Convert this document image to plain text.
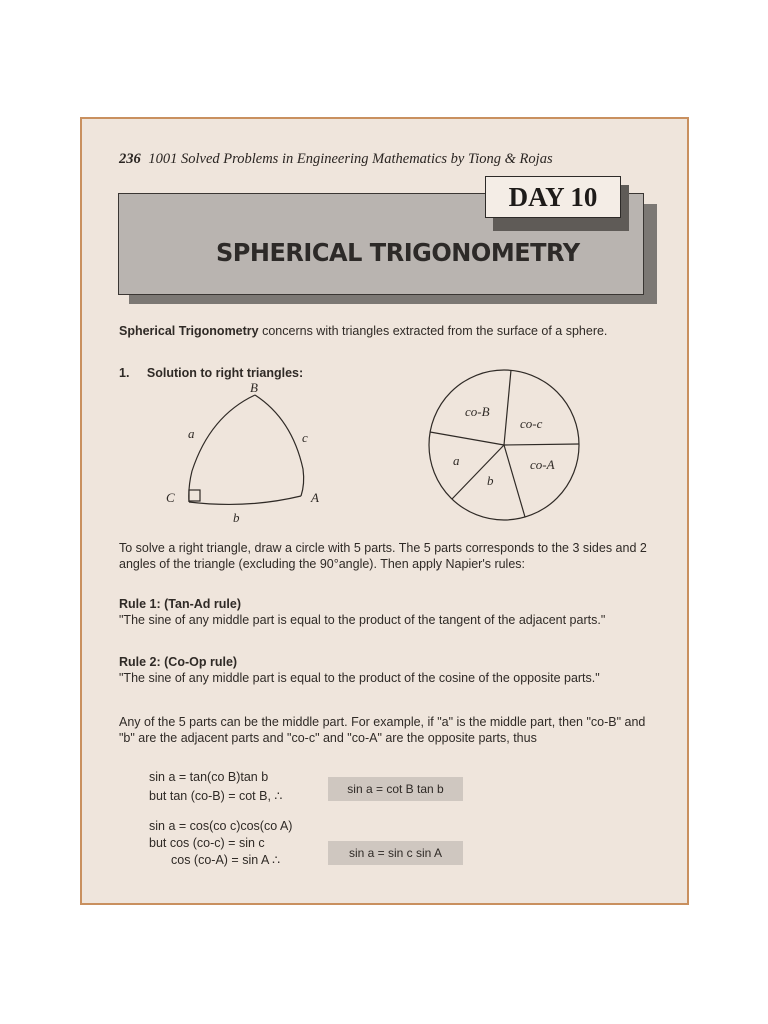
236 1001 Solved Problems in Engineering Mathematics by Tiong & Rojas
SPHERICAL TRIGONOMETRY
DAY 10
Spherical Trigonometry concerns with triangles extracted from the surface of a sphere.
1. Solution to right triangles:
B
a	c
C	A
b
co-B
co-c
a	co-A
b
To solve a right triangle, draw a circle with 5 parts. The 5 parts corresponds to the 3 sides and 2 angles of the triangle (excluding the 90°angle). Then apply Napier's rules:
Rule 1: (Tan-Ad rule)
"The sine of any middle part is equal to the product of the tangent of the adjacent parts."
Rule 2: (Co-Op rule)
"The sine of any middle part is equal to the product of the cosine of the opposite parts."
Any of the 5 parts can be the middle part. For example, if "a" is the middle part, then "co-B" and "b" are the adjacent parts and "co-c" and "co-A" are the opposite parts, thus
sin a = tan(co B)tan b
but tan (co-B) = cot B, ∴	sin a = cot B tan b
sin a = cos(co c)cos(co A)
but cos (co-c) = sin c
cos (co-A) = sin A ∴	sin a = sin c sin A
